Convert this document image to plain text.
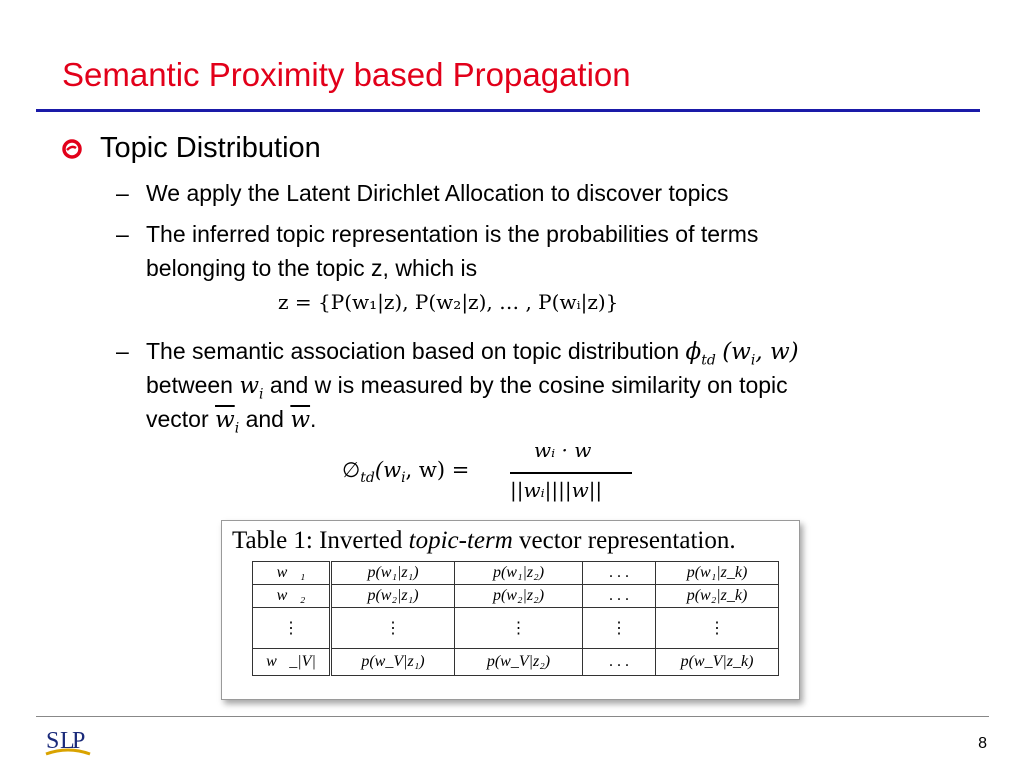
Semantic Proximity based Propagation
Topic Distribution
– We apply the Latent Dirichlet Allocation to discover topics
– The inferred topic representation is the probabilities of terms
belonging to the topic z, which is
z = {P(w₁|z), P(w₂|z), … , P(wᵢ|z)}
– The semantic association based on topic distribution $\phi_{td}$ ($w_i$, w)
between $w_i$ and w is measured by the cosine similarity on topic
vector $\overline{w}_i$ and $\overline{w}$.
$\emptyset_{td}(w_i$, w) =
wᵢ · w
||wᵢ||||w||
Table 1: Inverted topic-term vector representation.
w⃗₁	p(w₁|z₁)	p(w₁|z₂)	. . .	p(w₁|z_k)
w⃗₂	p(w₂|z₁)	p(w₂|z₂)	. . .	p(w₂|z_k)
⋮	⋮	⋮	⋮	⋮
w⃗_|V|	p(w_V|z₁)	p(w_V|z₂)	. . .	p(w_V|z_k)
S L
P	8
